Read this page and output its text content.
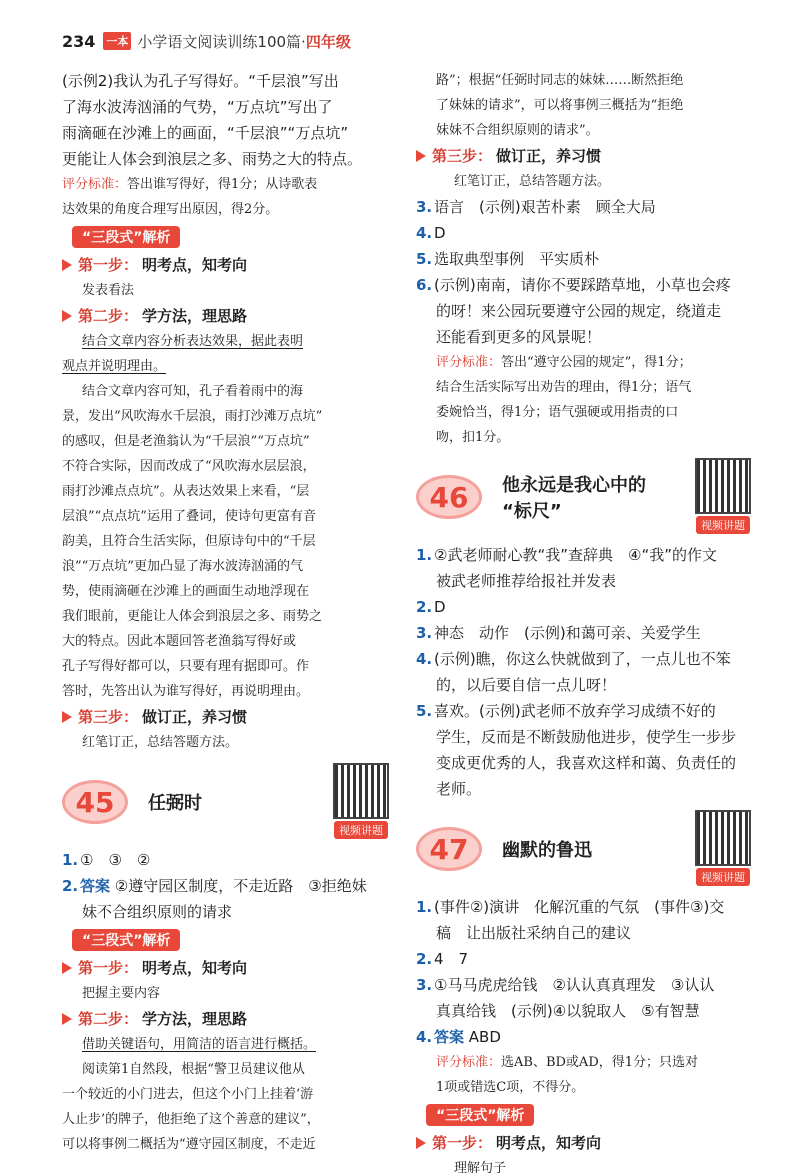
234 一本 小学语文阅读训练100篇· 四年级
(示例2)我认为孔子写得好。“千层浪”写出
了海水波涛汹涌的气势，“万点坑”写出了
雨滴砸在沙滩上的画面，“千层浪”“万点坑”
更能让人体会到浪层之多、雨势之大的特点。
评分标准：答出谁写得好，得1分；从诗歌表
达效果的角度合理写出原因，得2分。
“三段式”解析
第一步： 明考点，知考向
发表看法
第二步： 学方法，理思路
结合文章内容分析表达效果，据此表明
观点并说明理由。
结合文章内容可知，孔子看着雨中的海
景，发出“风吹海水千层浪，雨打沙滩万点坑”
的感叹，但是老渔翁认为“千层浪”“万点坑”
不符合实际，因而改成了“风吹海水层层浪，
雨打沙滩点点坑”。从表达效果上来看，“层
层浪”“点点坑”运用了叠词，使诗句更富有音
韵美，且符合生活实际，但原诗句中的“千层
浪”“万点坑”更加凸显了海水波涛汹涌的气
势，使雨滴砸在沙滩上的画面生动地浮现在
我们眼前，更能让人体会到浪层之多、雨势之
大的特点。因此本题回答老渔翁写得好或
孔子写得好都可以，只要有理有据即可。作
答时，先答出认为谁写得好，再说明理由。
第三步： 做订正，养习惯
红笔订正，总结答题方法。
45	任弼时
视频讲题
1. ①　③　②
2. 答案 ②遵守园区制度，不走近路　③拒绝妹
妹不合组织原则的请求
“三段式”解析
第一步： 明考点，知考向
把握主要内容
第二步： 学方法，理思路
借助关键语句，用简洁的语言进行概括。
阅读第1自然段，根据“警卫员建议他从
一个较近的小门进去，但这个小门上挂着‘游
人止步’的牌子，他拒绝了这个善意的建议”，
可以将事例二概括为“遵守园区制度，不走近
路”；根据“任弼时同志的妹妹……断然拒绝
了妹妹的请求”，可以将事例三概括为“拒绝
妹妹不合组织原则的请求”。
第三步： 做订正，养习惯
红笔订正，总结答题方法。
3. 语言　(示例)艰苦朴素　顾全大局
4. D
5. 选取典型事例　平实质朴
6. (示例)南南，请你不要踩踏草地，小草也会疼
的呀！来公园玩要遵守公园的规定，绕道走
还能看到更多的风景呢！
评分标准：答出“遵守公园的规定”，得1分；
结合生活实际写出劝告的理由，得1分；语气
委婉恰当，得1分；语气强硬或用指责的口
吻，扣1分。
46	他永远是我心中的
“标尺”
视频讲题
1. ②武老师耐心教“我”查辞典　④“我”的作文
被武老师推荐给报社并发表
2. D
3. 神态　动作　(示例)和蔼可亲、关爱学生
4. (示例)瞧，你这么快就做到了，一点儿也不笨
的，以后要自信一点儿呀！
5. 喜欢。(示例)武老师不放弃学习成绩不好的
学生，反而是不断鼓励他进步，使学生一步步
变成更优秀的人，我喜欢这样和蔼、负责任的
老师。
47	幽默的鲁迅
视频讲题
1. (事件②)演讲　化解沉重的气氛　(事件③)交
稿　让出版社采纳自己的建议
2. 4　7
3. ①马马虎虎给钱　②认认真真理发　③认认
真真给钱　(示例)④以貌取人　⑤有智慧
4. 答案 ABD
评分标准：选AB、BD或AD，得1分；只选对
1项或错选C项，不得分。
“三段式”解析
第一步： 明考点，知考向
理解句子
